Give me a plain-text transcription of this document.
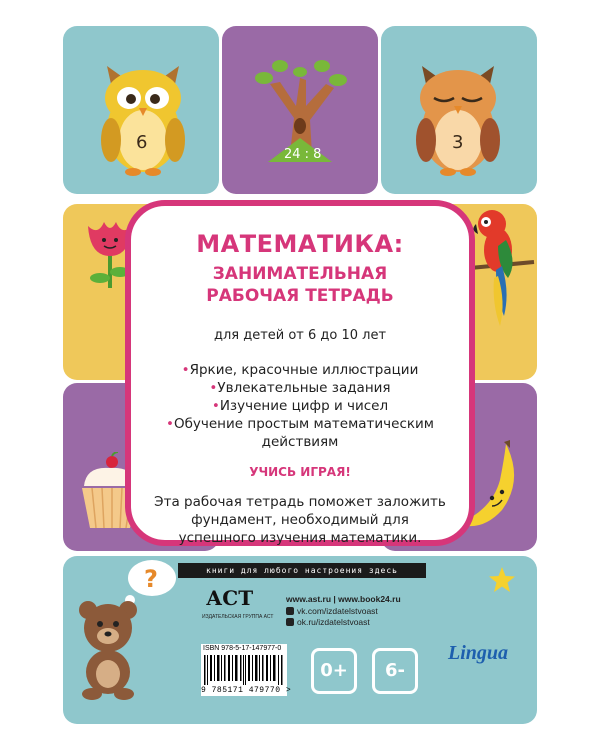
6
24 : 8
3
МАТЕМАТИКА:
ЗАНИМАТЕЛЬНАЯ
РАБОЧАЯ ТЕТРАДЬ
для детей от 6 до 10 лет
• Яркие, красочные иллюстрации
• Увлекательные задания
• Изучение цифр и чисел
• Обучение простым математическим
действиям
УЧИСЬ ИГРАЯ!
Эта рабочая тетрадь поможет заложить фундамент, необходимый для успешного изучения математики.
?	книги для любого настроения здесь
АСТ
ИЗДАТЕЛЬСКАЯ ГРУППА АСТ
www.ast.ru | www.book24.ru
vk.com/izdatelstvoast
ok.ru/izdatelstvoast
Lingua
ISBN 978-5-17-147977-0
9 785171 479770 >
0+	6-
